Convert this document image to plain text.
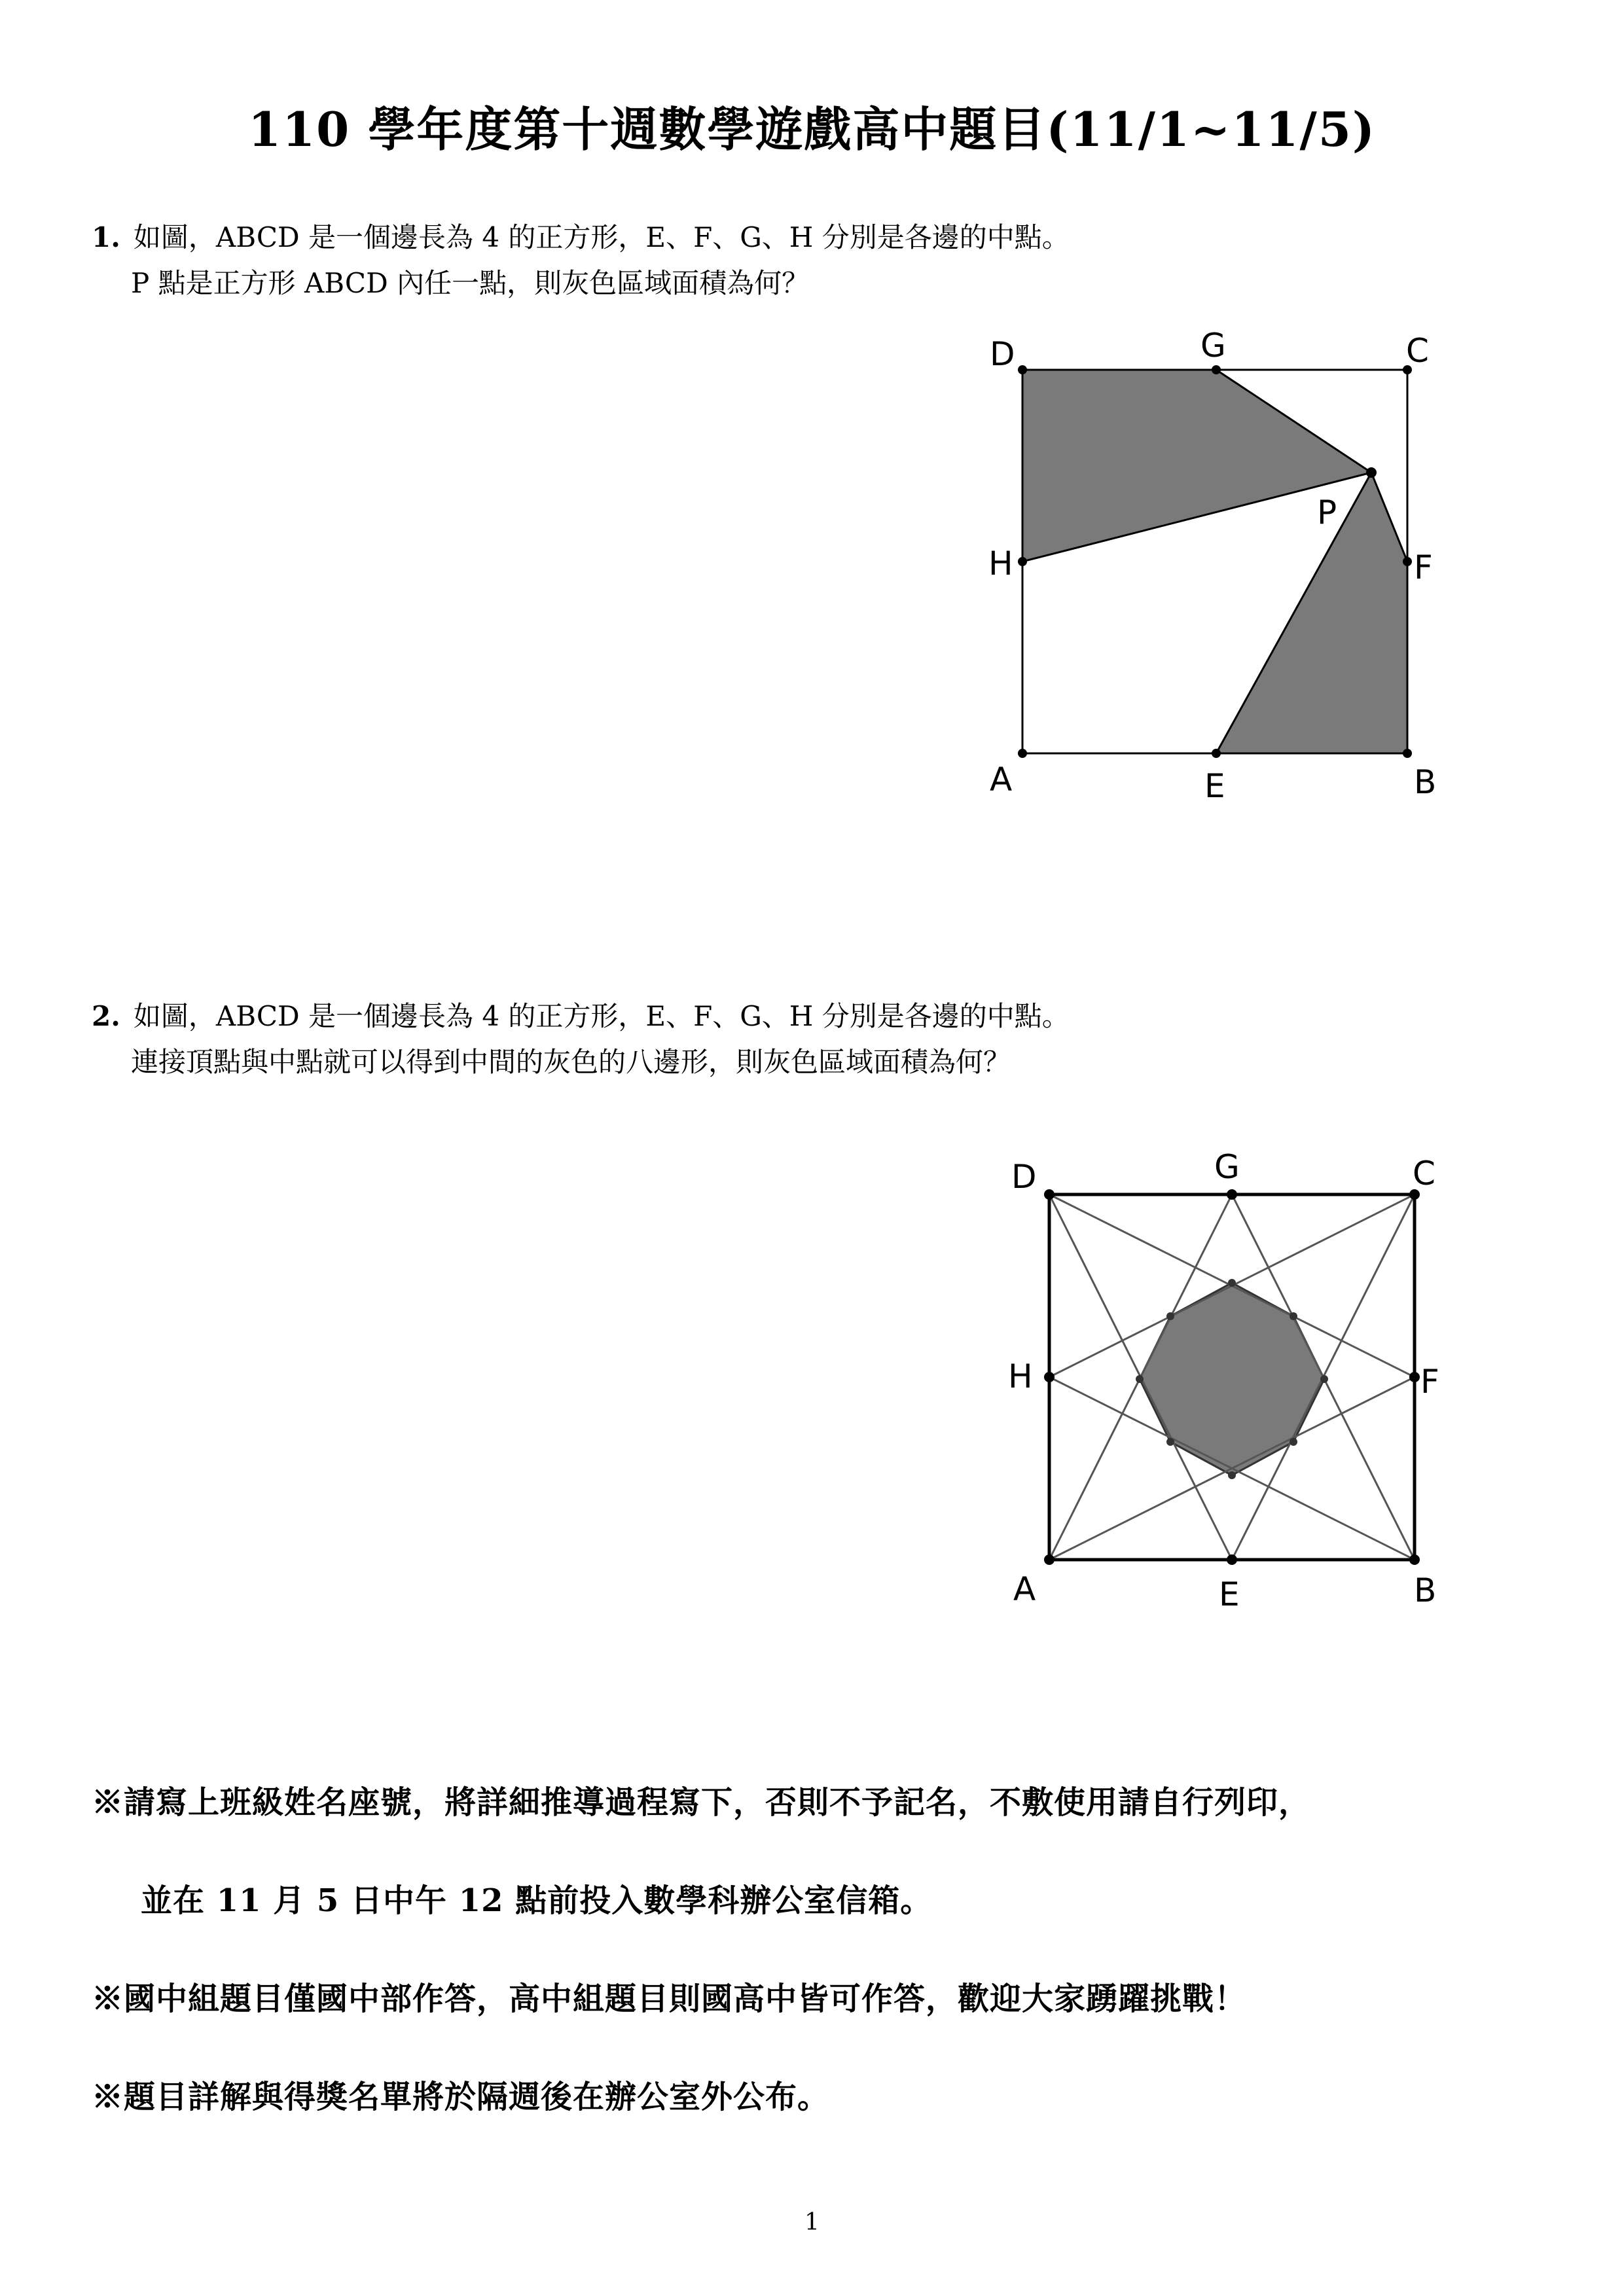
110 學年度第十週數學遊戲高中題目(11/1~11/5)
1. 如圖，ABCD 是一個邊長為 4 的正方形，E、F、G、H 分別是各邊的中點。
P 點是正方形 ABCD 內任一點，則灰色區域面積為何？
D	G	C
P
H	F
A	E	B
2. 如圖，ABCD 是一個邊長為 4 的正方形，E、F、G、H 分別是各邊的中點。
連接頂點與中點就可以得到中間的灰色的八邊形，則灰色區域面積為何？
D	G	C
H	F
A	E	B
※請寫上班級姓名座號，將詳細推導過程寫下，否則不予記名，不敷使用請自行列印，
並在 11 月 5 日中午 12 點前投入數學科辦公室信箱。
※國中組題目僅國中部作答，高中組題目則國高中皆可作答，歡迎大家踴躍挑戰！
※題目詳解與得獎名單將於隔週後在辦公室外公布。
1
